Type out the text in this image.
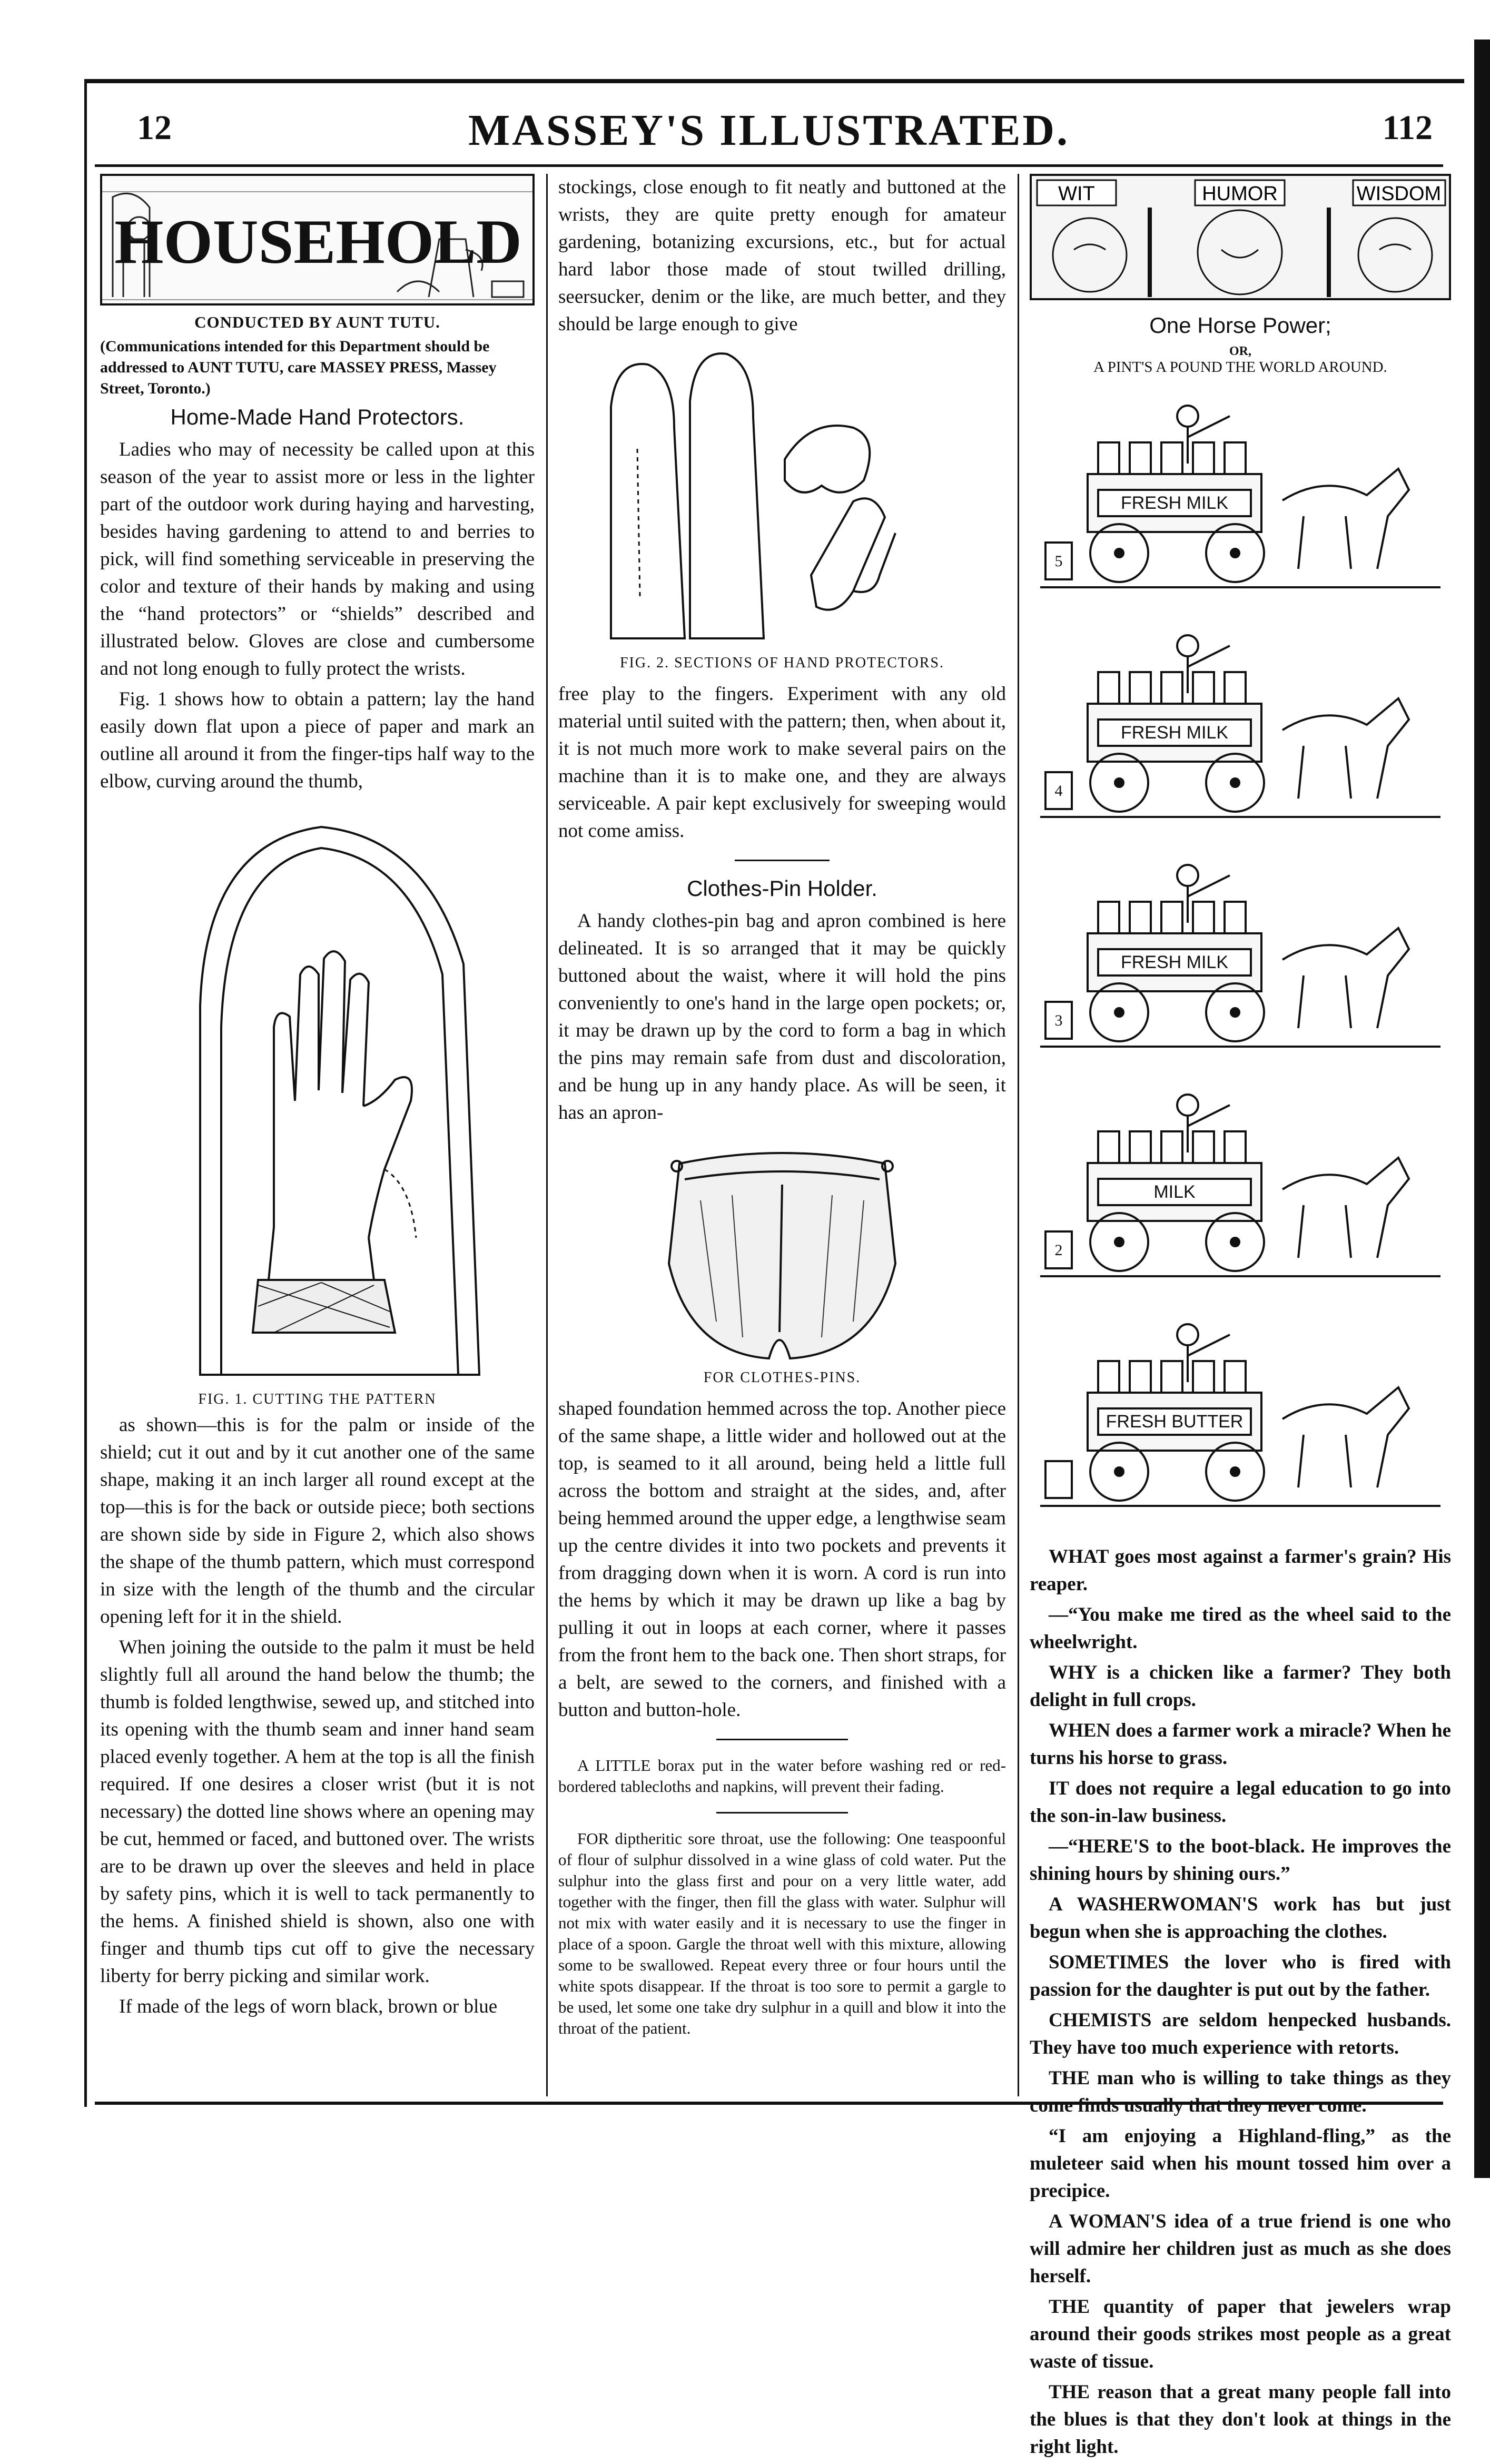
12	MASSEY'S ILLUSTRATED.	112
HOUSEHOLD
CONDUCTED BY AUNT TUTU.
(Communications intended for this Department should be addressed to AUNT TUTU, care MASSEY PRESS, Massey Street, Toronto.)
Home-Made Hand Protectors.

Ladies who may of necessity be called upon at this season of the year to assist more or less in the lighter part of the outdoor work during haying and harvesting, besides having gardening to attend to and berries to pick, will find something serviceable in preserving the color and texture of their hands by making and using the “hand protectors” or “shields” described and illustrated below. Gloves are close and cumbersome and not long enough to fully protect the wrists.

Fig. 1 shows how to obtain a pattern; lay the hand easily down flat upon a piece of paper and mark an outline all around it from the finger-tips half way to the elbow, curving around the thumb,

FIG. 1. CUTTING THE PATTERN

as shown—this is for the palm or inside of the shield; cut it out and by it cut another one of the same shape, making it an inch larger all round except at the top—this is for the back or outside piece; both sections are shown side by side in Figure 2, which also shows the shape of the thumb pattern, which must correspond in size with the length of the thumb and the circular opening left for it in the shield.

When joining the outside to the palm it must be held slightly full all around the hand below the thumb; the thumb is folded lengthwise, sewed up, and stitched into its opening with the thumb seam and inner hand seam placed evenly together. A hem at the top is all the finish required. If one desires a closer wrist (but it is not necessary) the dotted line shows where an opening may be cut, hemmed or faced, and buttoned over. The wrists are to be drawn up over the sleeves and held in place by safety pins, which it is well to tack permanently to the hems. A finished shield is shown, also one with finger and thumb tips cut off to give the necessary liberty for berry picking and similar work.

If made of the legs of worn black, brown or blue

stockings, close enough to fit neatly and buttoned at the wrists, they are quite pretty enough for amateur gardening, botanizing excursions, etc., but for actual hard labor those made of stout twilled drilling, seersucker, denim or the like, are much better, and they should be large enough to give

FIG. 2. SECTIONS OF HAND PROTECTORS.

free play to the fingers. Experiment with any old material until suited with the pattern; then, when about it, it is not much more work to make several pairs on the machine than it is to make one, and they are always serviceable. A pair kept exclusively for sweeping would not come amiss.

Clothes-Pin Holder.

A handy clothes-pin bag and apron combined is here delineated. It is so arranged that it may be quickly buttoned about the waist, where it will hold the pins conveniently to one's hand in the large open pockets; or, it may be drawn up by the cord to form a bag in which the pins may remain safe from dust and discoloration, and be hung up in any handy place. As will be seen, it has an apron-

FOR CLOTHES-PINS.

shaped foundation hemmed across the top. Another piece of the same shape, a little wider and hollowed out at the top, is seamed to it all around, being held a little full across the bottom and straight at the sides, and, after being hemmed around the upper edge, a lengthwise seam up the centre divides it into two pockets and prevents it from dragging down when it is worn. A cord is run into the hems by which it may be drawn up like a bag by pulling it out in loops at each corner, where it passes from the front hem to the back one. Then short straps, for a belt, are sewed to the corners, and finished with a button and button-hole.

A LITTLE borax put in the water before washing red or red-bordered tablecloths and napkins, will prevent their fading.

FOR diptheritic sore throat, use the following: One teaspoonful of flour of sulphur dissolved in a wine glass of cold water. Put the sulphur into the glass first and pour on a very little water, add together with the finger, then fill the glass with water. Sulphur will not mix with water easily and it is necessary to use the finger in place of a spoon. Gargle the throat well with this mixture, allowing some to be swallowed. Repeat every three or four hours until the white spots disappear. If the throat is too sore to permit a gargle to be used, let some one take dry sulphur in a quill and blow it into the throat of the patient.

WIT	HUMOR	WISDOM
One Horse Power;
OR,
A PINT'S A POUND THE WORLD AROUND.
FRESH MILK
5
FRESH MILK
4
FRESH MILK
3
MILK
2
FRESH BUTTER

WHAT goes most against a farmer's grain? His reaper.

—“You make me tired as the wheel said to the wheelwright.

WHY is a chicken like a farmer? They both delight in full crops.

WHEN does a farmer work a miracle? When he turns his horse to grass.

IT does not require a legal education to go into the son-in-law business.

—“HERE'S to the boot-black. He improves the shining hours by shining ours.”

A WASHERWOMAN'S work has but just begun when she is approaching the clothes.

SOMETIMES the lover who is fired with passion for the daughter is put out by the father.

CHEMISTS are seldom henpecked husbands. They have too much experience with retorts.

THE man who is willing to take things as they come finds usually that they never come.

“I am enjoying a Highland-fling,” as the muleteer said when his mount tossed him over a precipice.

A WOMAN'S idea of a true friend is one who will admire her children just as much as she does herself.

THE quantity of paper that jewelers wrap around their goods strikes most people as a great waste of tissue.

THE reason that a great many people fall into the blues is that they don't look at things in the right light.
